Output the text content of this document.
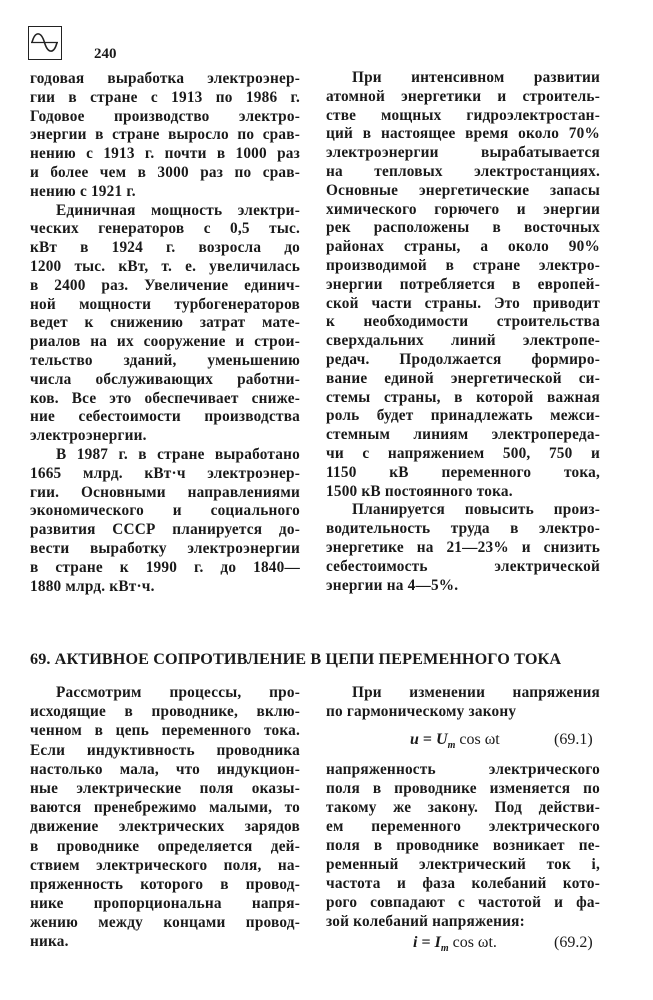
240
годовая выработка электроэнер-
гии в стране с 1913 по 1986 г.
Годовое производство электро-
энергии в стране выросло по срав-
нению с 1913 г. почти в 1000 раз
и более чем в 3000 раз по срав-
нению с 1921 г.
Единичная мощность электри-
ческих генераторов с 0,5 тыс.
кВт в 1924 г. возросла до
1200 тыс. кВт, т. е. увеличилась
в 2400 раз. Увеличение единич-
ной мощности турбогенераторов
ведет к снижению затрат мате-
риалов на их сооружение и строи-
тельство зданий, уменьшению
числа обслуживающих работни-
ков. Все это обеспечивает сниже-
ние себестоимости производства
электроэнергии.
В 1987 г. в стране выработано
1665 млрд. кВт·ч электроэнер-
гии. Основными направлениями
экономического и социального
развития СССР планируется до-
вести выработку электроэнергии
в стране к 1990 г. до 1840—
1880 млрд. кВт·ч.
При интенсивном развитии
атомной энергетики и строитель-
стве мощных гидроэлектростан-
ций в настоящее время около 70%
электроэнергии вырабатывается
на тепловых электростанциях.
Основные энергетические запасы
химического горючего и энергии
рек расположены в восточных
районах страны, а около 90%
производимой в стране электро-
энергии потребляется в европей-
ской части страны. Это приводит
к необходимости строительства
сверхдальних линий электропе-
редач. Продолжается формиро-
вание единой энергетической си-
стемы страны, в которой важная
роль будет принадлежать межси-
стемным линиям электропереда-
чи с напряжением 500, 750 и
1150 кВ переменного тока,
1500 кВ постоянного тока.
Планируется повысить произ-
водительность труда в электро-
энергетике на 21—23% и снизить
себестоимость электрической
энергии на 4—5%.
69. АКТИВНОЕ СОПРОТИВЛЕНИЕ В ЦЕПИ ПЕРЕМЕННОГО ТОКА
Рассмотрим процессы, про-
исходящие в проводнике, вклю-
ченном в цепь переменного тока.
Если индуктивность проводника
настолько мала, что индукцион-
ные электрические поля оказы-
ваются пренебрежимо малыми, то
движение электрических зарядов
в проводнике определяется дей-
ствием электрического поля, на-
пряженность которого в провод-
нике пропорциональна напря-
жению между концами провод-
ника.
При изменении напряжения
по гармоническому закону
$u = U_m$ cos ωt	(69.1)
напряженность электрического
поля в проводнике изменяется по
такому же закону. Под действи-
ем переменного электрического
поля в проводнике возникает пе-
ременный электрический ток i,
частота и фаза колебаний кото-
рого совпадают с частотой и фа-
зой колебаний напряжения:
$i = I_m$ cos ωt.	(69.2)
